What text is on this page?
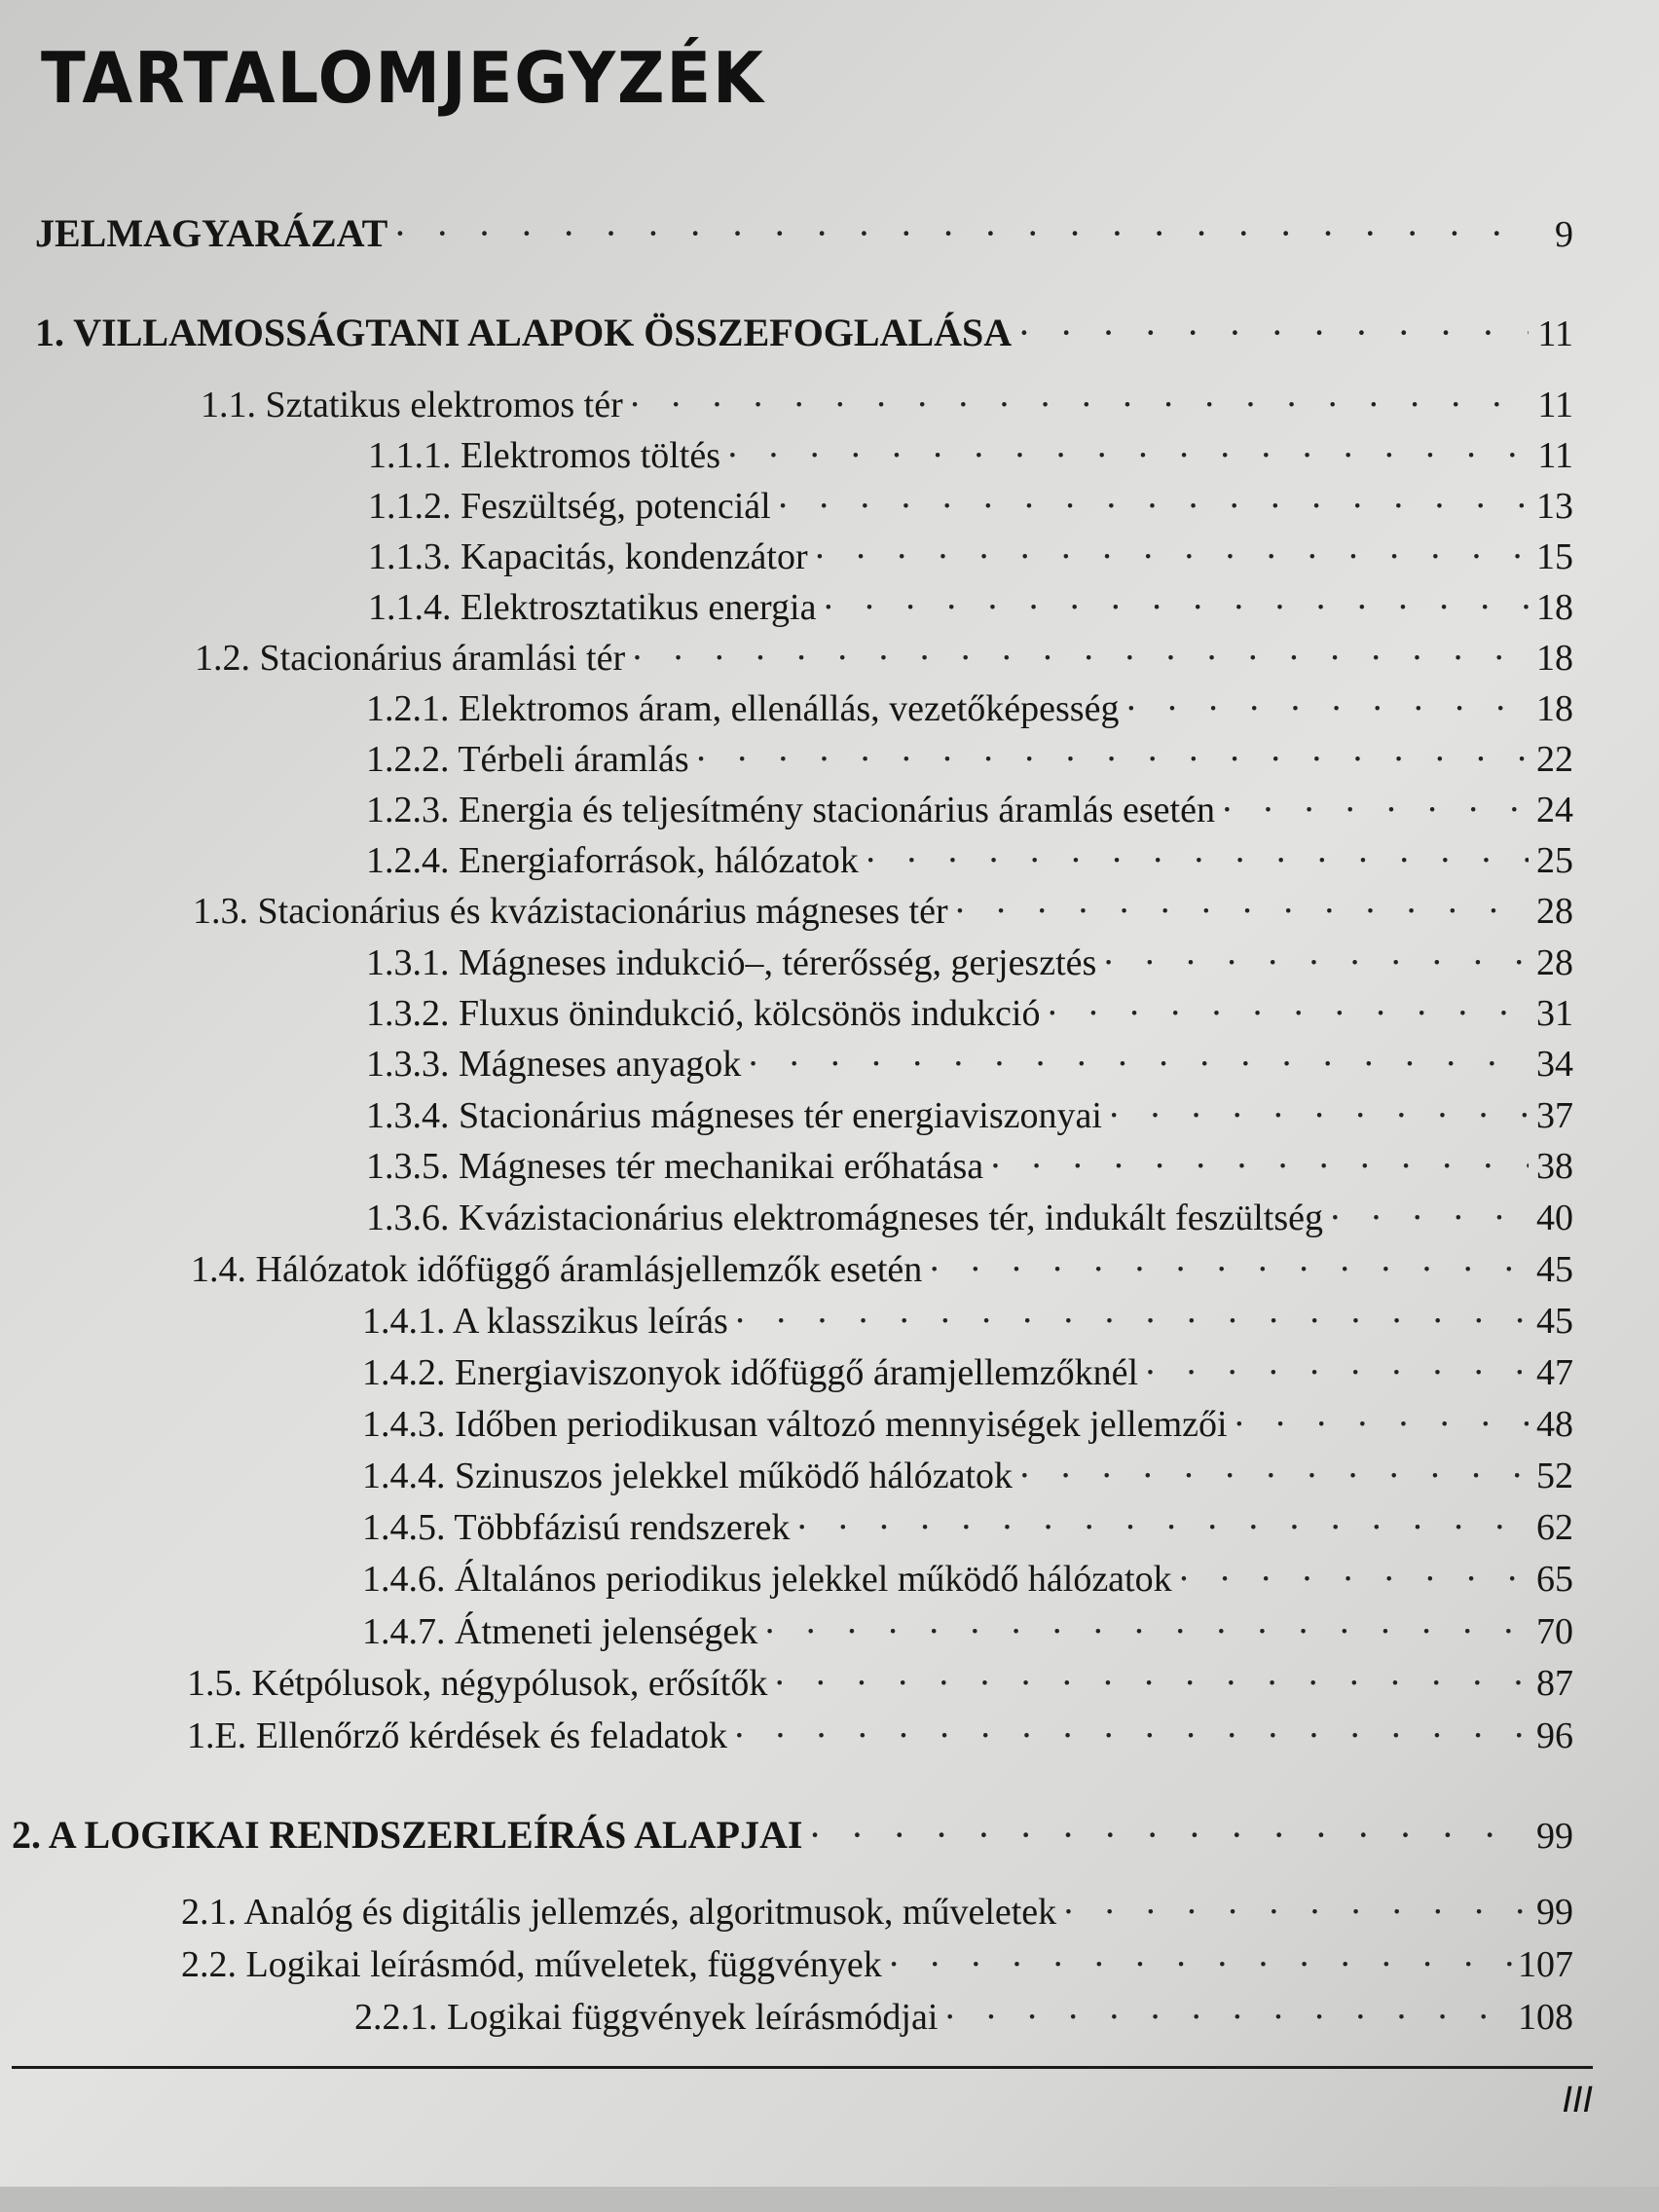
TARTALOMJEGYZÉK
JELMAGYARÁZAT · · ·	9
1. VILLAMOSSÁGTANI ALAPOK ÖSSZEFOGLALÁSA · · ·	11
1.1. Sztatikus elektromos tér · · ·	11
1.1.1. Elektromos töltés · · ·	11
1.1.2. Feszültség, potenciál · · ·	13
1.1.3. Kapacitás, kondenzátor · · ·	15
1.1.4. Elektrosztatikus energia · · ·	18
1.2. Stacionárius áramlási tér · · ·	18
1.2.1. Elektromos áram, ellenállás, vezetőképesség · · ·	18
1.2.2. Térbeli áramlás · · ·	22
1.2.3. Energia és teljesítmény stacionárius áramlás esetén · · ·	24
1.2.4. Energiaforrások, hálózatok · · ·	25
1.3. Stacionárius és kvázistacionárius mágneses tér · · ·	28
1.3.1. Mágneses indukció–, térerősség, gerjesztés · · ·	28
1.3.2. Fluxus önindukció, kölcsönös indukció · · ·	31
1.3.3. Mágneses anyagok · · ·	34
1.3.4. Stacionárius mágneses tér energiaviszonyai · · ·	37
1.3.5. Mágneses tér mechanikai erőhatása · · ·	38
1.3.6. Kvázistacionárius elektromágneses tér, indukált feszültség · · ·	40
1.4. Hálózatok időfüggő áramlásjellemzők esetén · · ·	45
1.4.1. A klasszikus leírás · · ·	45
1.4.2. Energiaviszonyok időfüggő áramjellemzőknél · · ·	47
1.4.3. Időben periodikusan változó mennyiségek jellemzői · · ·	48
1.4.4. Szinuszos jelekkel működő hálózatok · · ·	52
1.4.5. Többfázisú rendszerek · · ·	62
1.4.6. Általános periodikus jelekkel működő hálózatok · · ·	65
1.4.7. Átmeneti jelenségek · · ·	70
1.5. Kétpólusok, négypólusok, erősítők · · ·	87
1.E. Ellenőrző kérdések és feladatok · · ·	96
2. A LOGIKAI RENDSZERLEÍRÁS ALAPJAI · · ·	99
2.1. Analóg és digitális jellemzés, algoritmusok, műveletek · · ·	99
2.2. Logikai leírásmód, műveletek, függvények · · ·	107
2.2.1. Logikai függvények leírásmódjai · · ·	108
III
